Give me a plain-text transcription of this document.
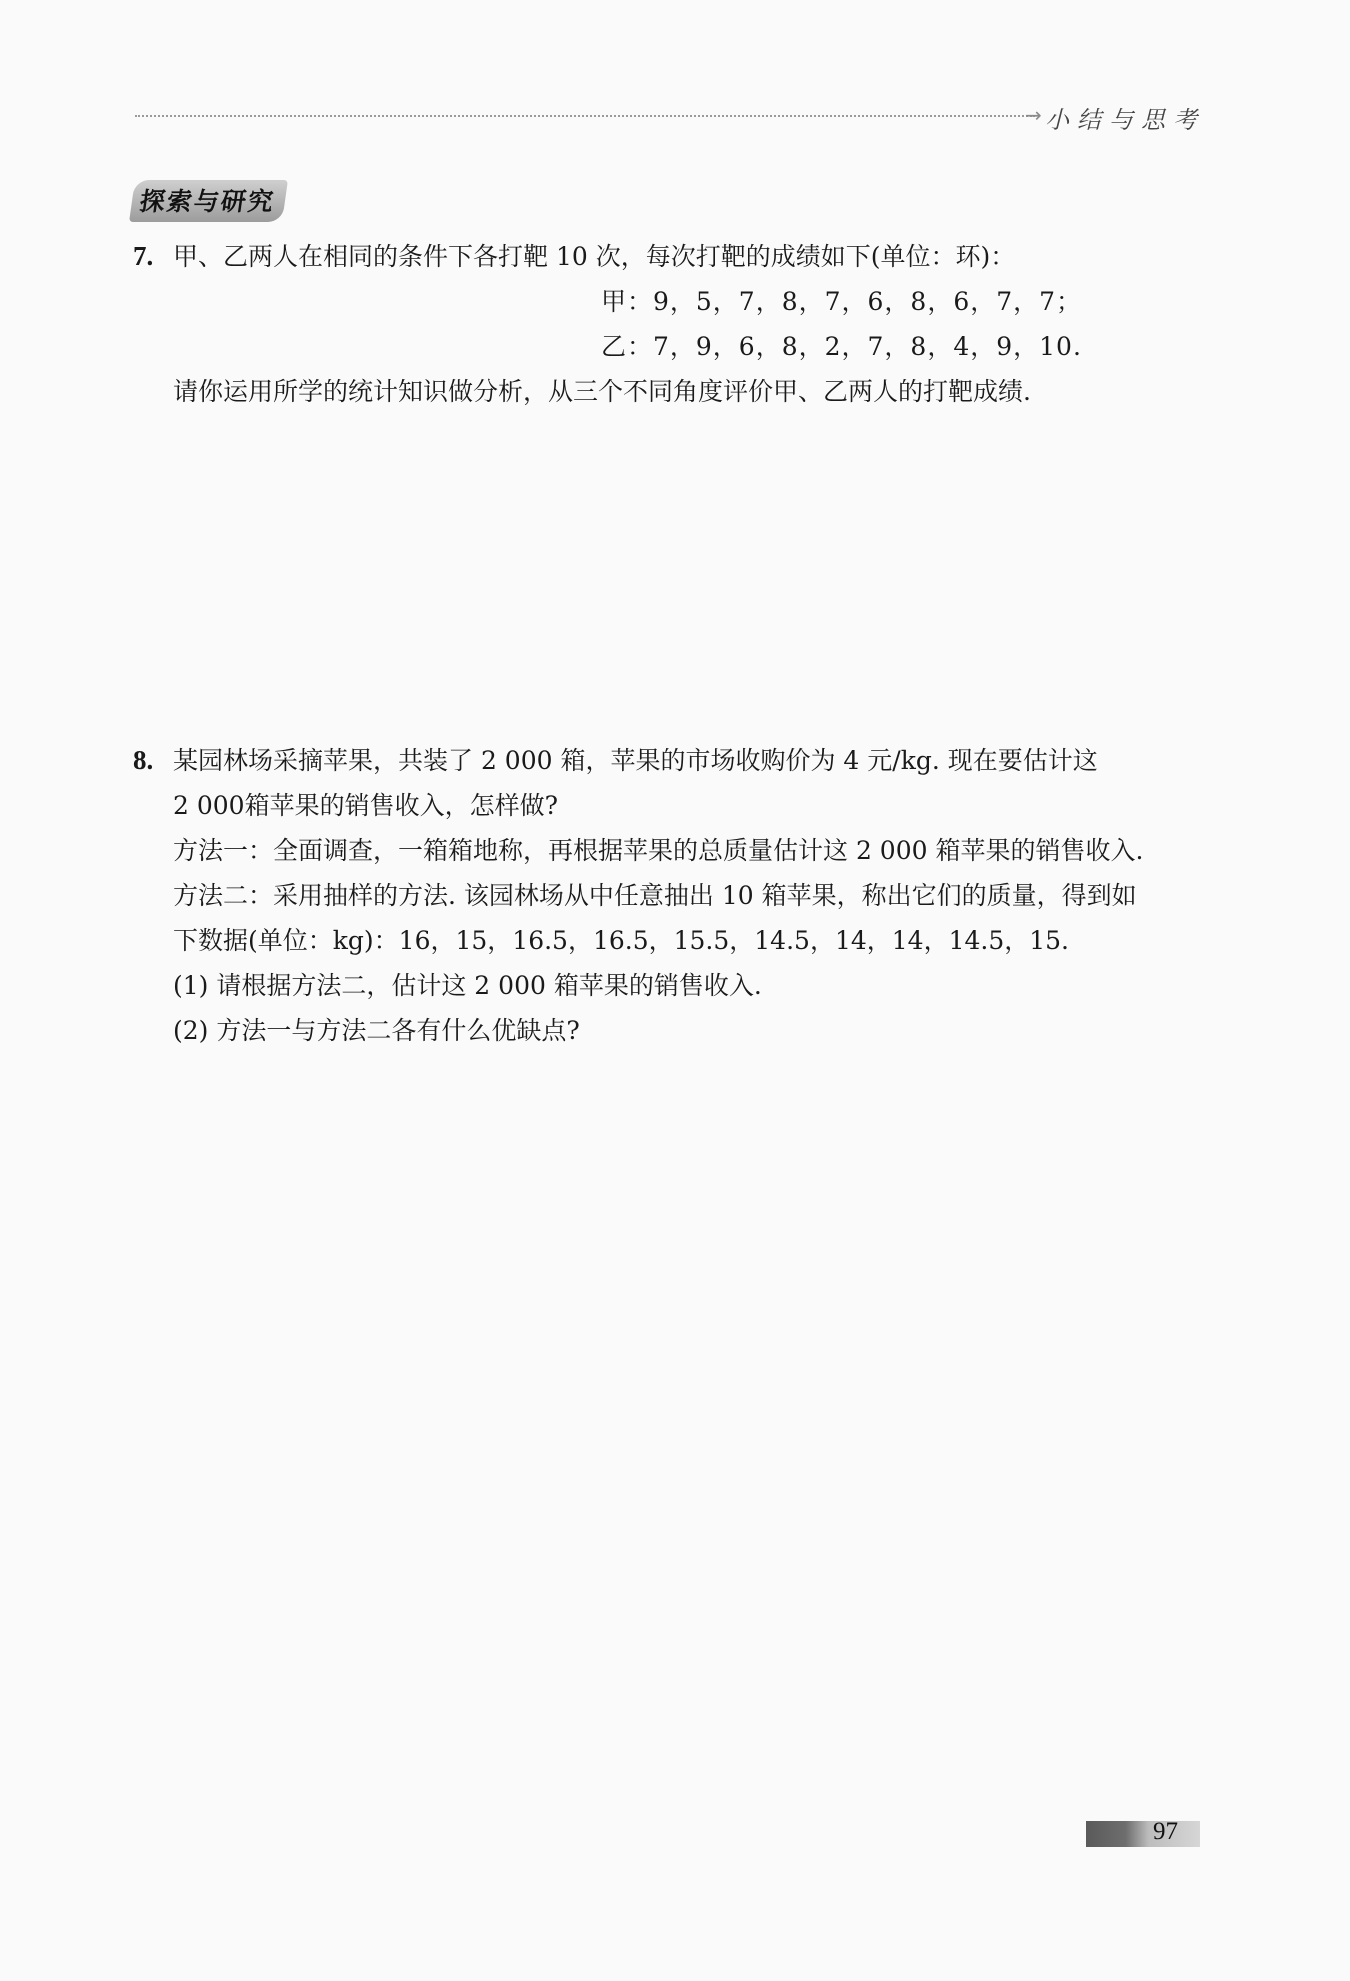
→ 小结与思考
探索与研究
7. 甲、乙两人在相同的条件下各打靶 10 次，每次打靶的成绩如下(单位：环)：
甲：9，5，7，8，7，6，8，6，7，7；
乙：7，9，6，8，2，7，8，4，9，10.
请你运用所学的统计知识做分析，从三个不同角度评价甲、乙两人的打靶成绩.
8. 某园林场采摘苹果，共装了 2 000 箱，苹果的市场收购价为 4 元/kg. 现在要估计这
2 000箱苹果的销售收入，怎样做?
方法一：全面调查，一箱箱地称，再根据苹果的总质量估计这 2 000 箱苹果的销售收入.
方法二：采用抽样的方法. 该园林场从中任意抽出 10 箱苹果，称出它们的质量，得到如
下数据(单位：kg)：16，15，16.5，16.5，15.5，14.5，14，14，14.5，15.
(1) 请根据方法二，估计这 2 000 箱苹果的销售收入.
(2) 方法一与方法二各有什么优缺点?
97
